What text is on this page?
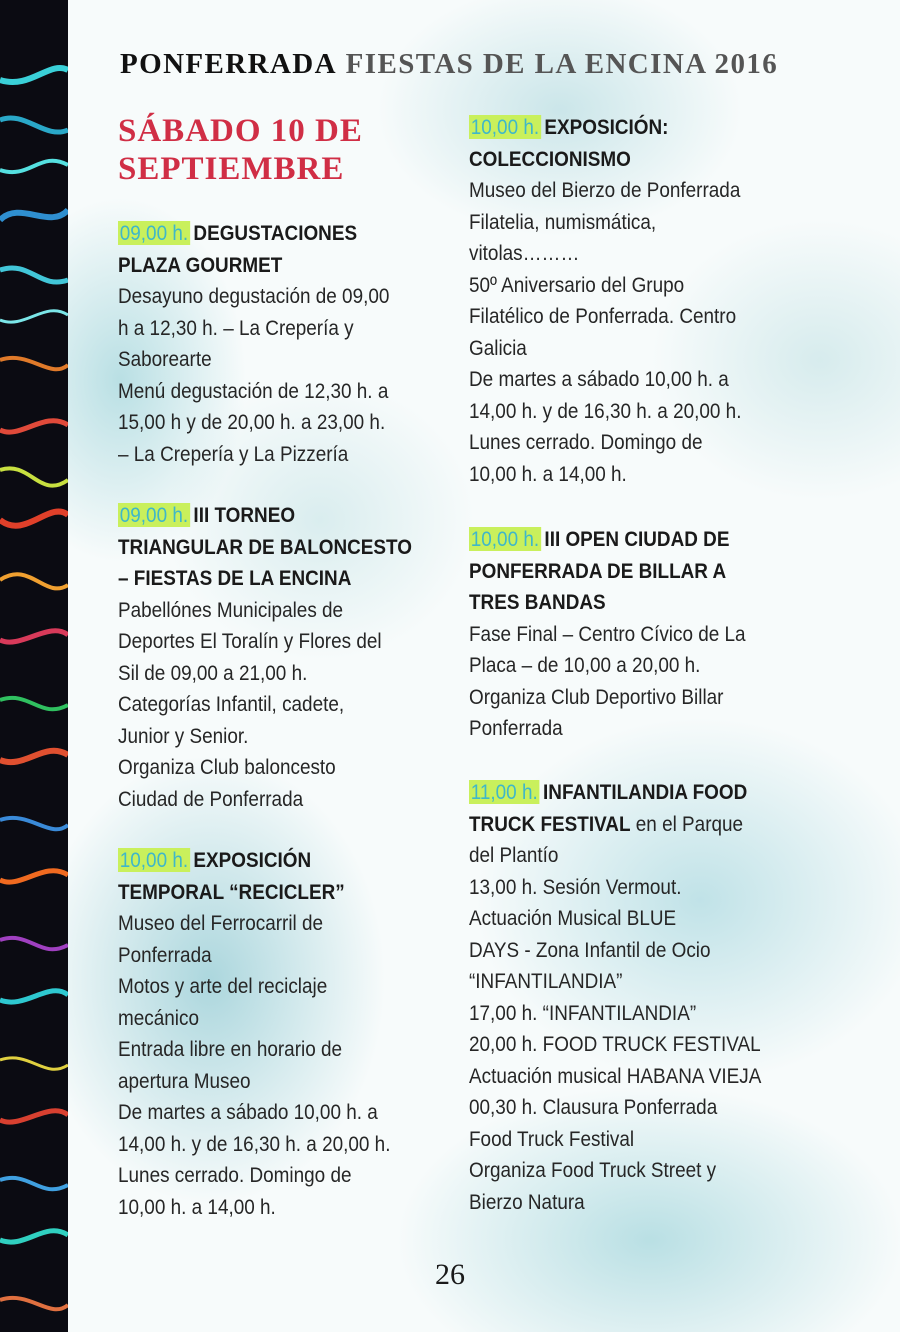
PONFERRADA FIESTAS DE LA ENCINA 2016
SÁBADO 10 DE
SEPTIEMBRE
09,00 h. DEGUSTACIONES
PLAZA GOURMET
Desayuno degustación de 09,00
h a 12,30 h. – La Crepería y
Saborearte
Menú degustación de 12,30 h. a
15,00 h y de 20,00 h. a 23,00 h.
– La Crepería y La Pizzería
09,00 h. III TORNEO
TRIANGULAR DE BALONCESTO
– FIESTAS DE LA ENCINA
Pabellónes Municipales de
Deportes El Toralín y Flores del
Sil de 09,00 a 21,00 h.
Categorías Infantil, cadete,
Junior y Senior.
Organiza Club baloncesto
Ciudad de Ponferrada
10,00 h. EXPOSICIÓN
TEMPORAL “RECICLER”
Museo del Ferrocarril de
Ponferrada
Motos y arte del reciclaje
mecánico
Entrada libre en horario de
apertura Museo
De martes a sábado 10,00 h. a
14,00 h. y de 16,30 h. a 20,00 h.
Lunes cerrado. Domingo de
10,00 h. a 14,00 h.
10,00 h. EXPOSICIÓN:
COLECCIONISMO
Museo del Bierzo de Ponferrada
Filatelia, numismática,
vitolas………
50º Aniversario del Grupo
Filatélico de Ponferrada. Centro
Galicia
De martes a sábado 10,00 h. a
14,00 h. y de 16,30 h. a 20,00 h.
Lunes cerrado. Domingo de
10,00 h. a 14,00 h.
10,00 h. III OPEN CIUDAD DE
PONFERRADA DE BILLAR A
TRES BANDAS
Fase Final – Centro Cívico de La
Placa – de 10,00 a 20,00 h.
Organiza Club Deportivo Billar
Ponferrada
11,00 h. INFANTILANDIA FOOD
TRUCK FESTIVAL en el Parque
del Plantío
13,00 h. Sesión Vermout.
Actuación Musical BLUE
DAYS - Zona Infantil de Ocio
“INFANTILANDIA”
17,00 h. “INFANTILANDIA”
20,00 h. FOOD TRUCK FESTIVAL
Actuación musical HABANA VIEJA
00,30 h. Clausura Ponferrada
Food Truck Festival
Organiza Food Truck Street y
Bierzo Natura
26
